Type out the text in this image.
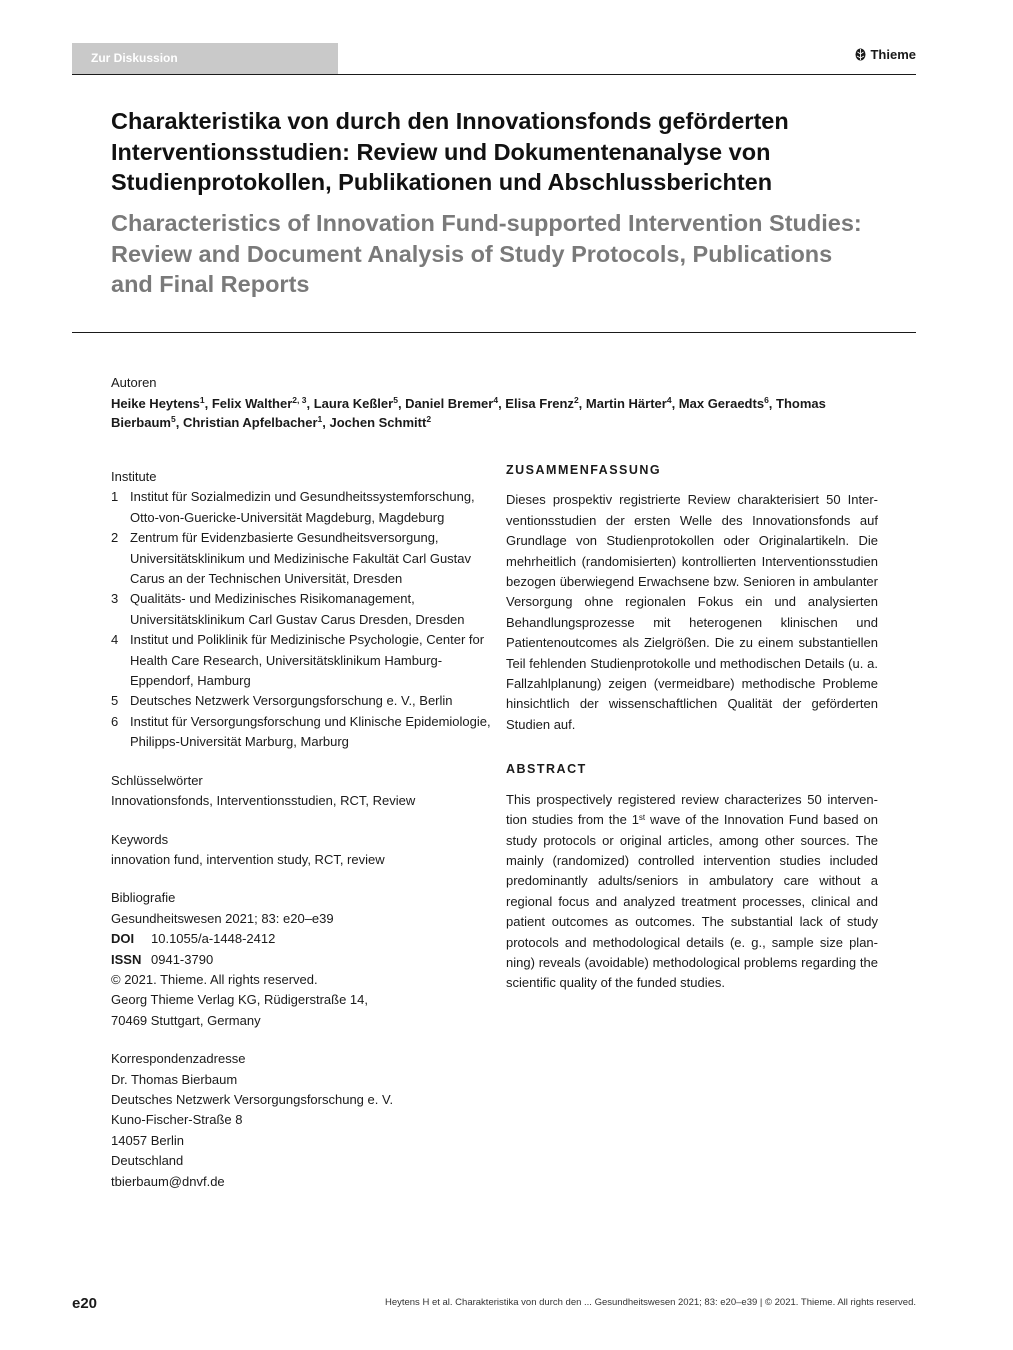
Zur Diskussion	Thieme
Charakteristika von durch den Innovationsfonds geförderten Interventionsstudien: Review und Dokumentenanalyse von Studienprotokollen, Publikationen und Abschlussberichten
Characteristics of Innovation Fund-supported Intervention Studies: Review and Document Analysis of Study Protocols, Publications and Final Reports
Autoren
Heike Heytens$^1$, Felix Walther$^{2, 3}$, Laura Keßler$^5$, Daniel Bremer$^4$, Elisa Frenz$^2$, Martin Härter$^4$, Max Geraedts$^6$, Thomas Bierbaum$^5$, Christian Apfelbacher$^1$, Jochen Schmitt$^2$
Institute
1 Institut für Sozialmedizin und Gesundheitssystemforschung, Otto-von-Guericke-Universität Magdeburg, Magdeburg
2 Zentrum für Evidenzbasierte Gesundheitsversorgung, Universitätsklinikum und Medizinische Fakultät Carl Gustav Carus an der Technischen Universität, Dresden
3 Qualitäts- und Medizinisches Risikomanagement, Universitätsklinikum Carl Gustav Carus Dresden, Dresden
4 Institut und Poliklinik für Medizinische Psychologie, Center for Health Care Research, Universitätsklinikum Hamburg-Eppendorf, Hamburg
5 Deutsches Netzwerk Versorgungsforschung e. V., Berlin
6 Institut für Versorgungsforschung und Klinische Epidemiologie, Philipps-Universität Marburg, Marburg
Schlüsselwörter
Innovationsfonds, Interventionsstudien, RCT, Review
Keywords
innovation fund, intervention study, RCT, review
Bibliografie
Gesundheitswesen 2021; 83: e20–e39
DOI 10.1055/a-1448-2412
ISSN 0941-3790
© 2021. Thieme. All rights reserved.
Georg Thieme Verlag KG, Rüdigerstraße 14,
70469 Stuttgart, Germany
Korrespondenzadresse
Dr. Thomas Bierbaum
Deutsches Netzwerk Versorgungsforschung e. V.
Kuno-Fischer-Straße 8
14057 Berlin
Deutschland
tbierbaum@dnvf.de
ZUSAMMENFASSUNG

Dieses prospektiv registrierte Review charakterisiert 50 Interventionsstudien der ersten Welle des Innovationsfonds auf Grundlage von Studienprotokollen oder Originalartikeln. Die mehrheitlich (randomisierten) kontrollierten Interventionsstudien bezogen überwiegend Erwachsene bzw. Senioren in ambulanter Versorgung ohne regionalen Fokus ein und analysierten Behandlungsprozesse mit heterogenen klinischen und Patientenoutcomes als Zielgrößen. Die zu einem substantiellen Teil fehlenden Studienprotokolle und methodischen Details (u. a. Fallzahlplanung) zeigen (vermeidbare) methodische Probleme hinsichtlich der wissenschaftlichen Qualität der geförderten Studien auf.

ABSTRACT

This prospectively registered review characterizes 50 intervention studies from the 1st wave of the Innovation Fund based on study protocols or original articles, among other sources. The mainly (randomized) controlled intervention studies included predominantly adults/seniors in ambulatory care without a regional focus and analyzed treatment processes, clinical and patient outcomes as outcomes. The substantial lack of study protocols and methodological details (e. g., sample size planning) reveals (avoidable) methodological problems regarding the scientific quality of the funded studies.

e20	Heytens H et al. Charakteristika von durch den ... Gesundheitswesen 2021; 83: e20–e39 | © 2021. Thieme. All rights reserved.
